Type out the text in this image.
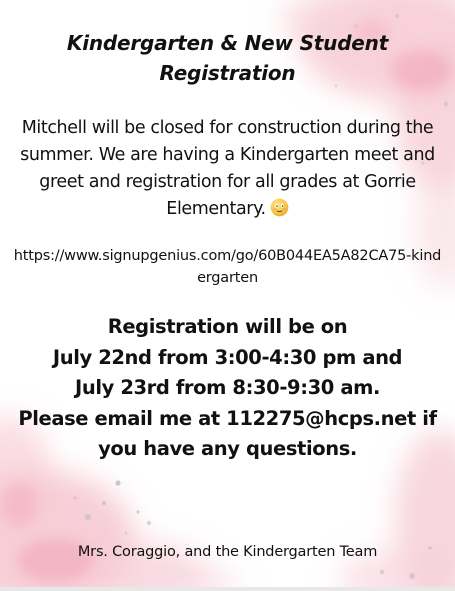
Kindergarten & New Student Registration

Mitchell will be closed for construction during the summer. We are having a Kindergarten meet and greet and registration for all grades at Gorrie Elementary.

https://www.signupgenius.com/go/60B044EA5A82CA75-kindergarten

Registration will be on
July 22nd from 3:00-4:30 pm and
July 23rd from 8:30-9:30 am.
Please email me at 112275@hcps.net if
you have any questions.

Mrs. Coraggio, and the Kindergarten Team
